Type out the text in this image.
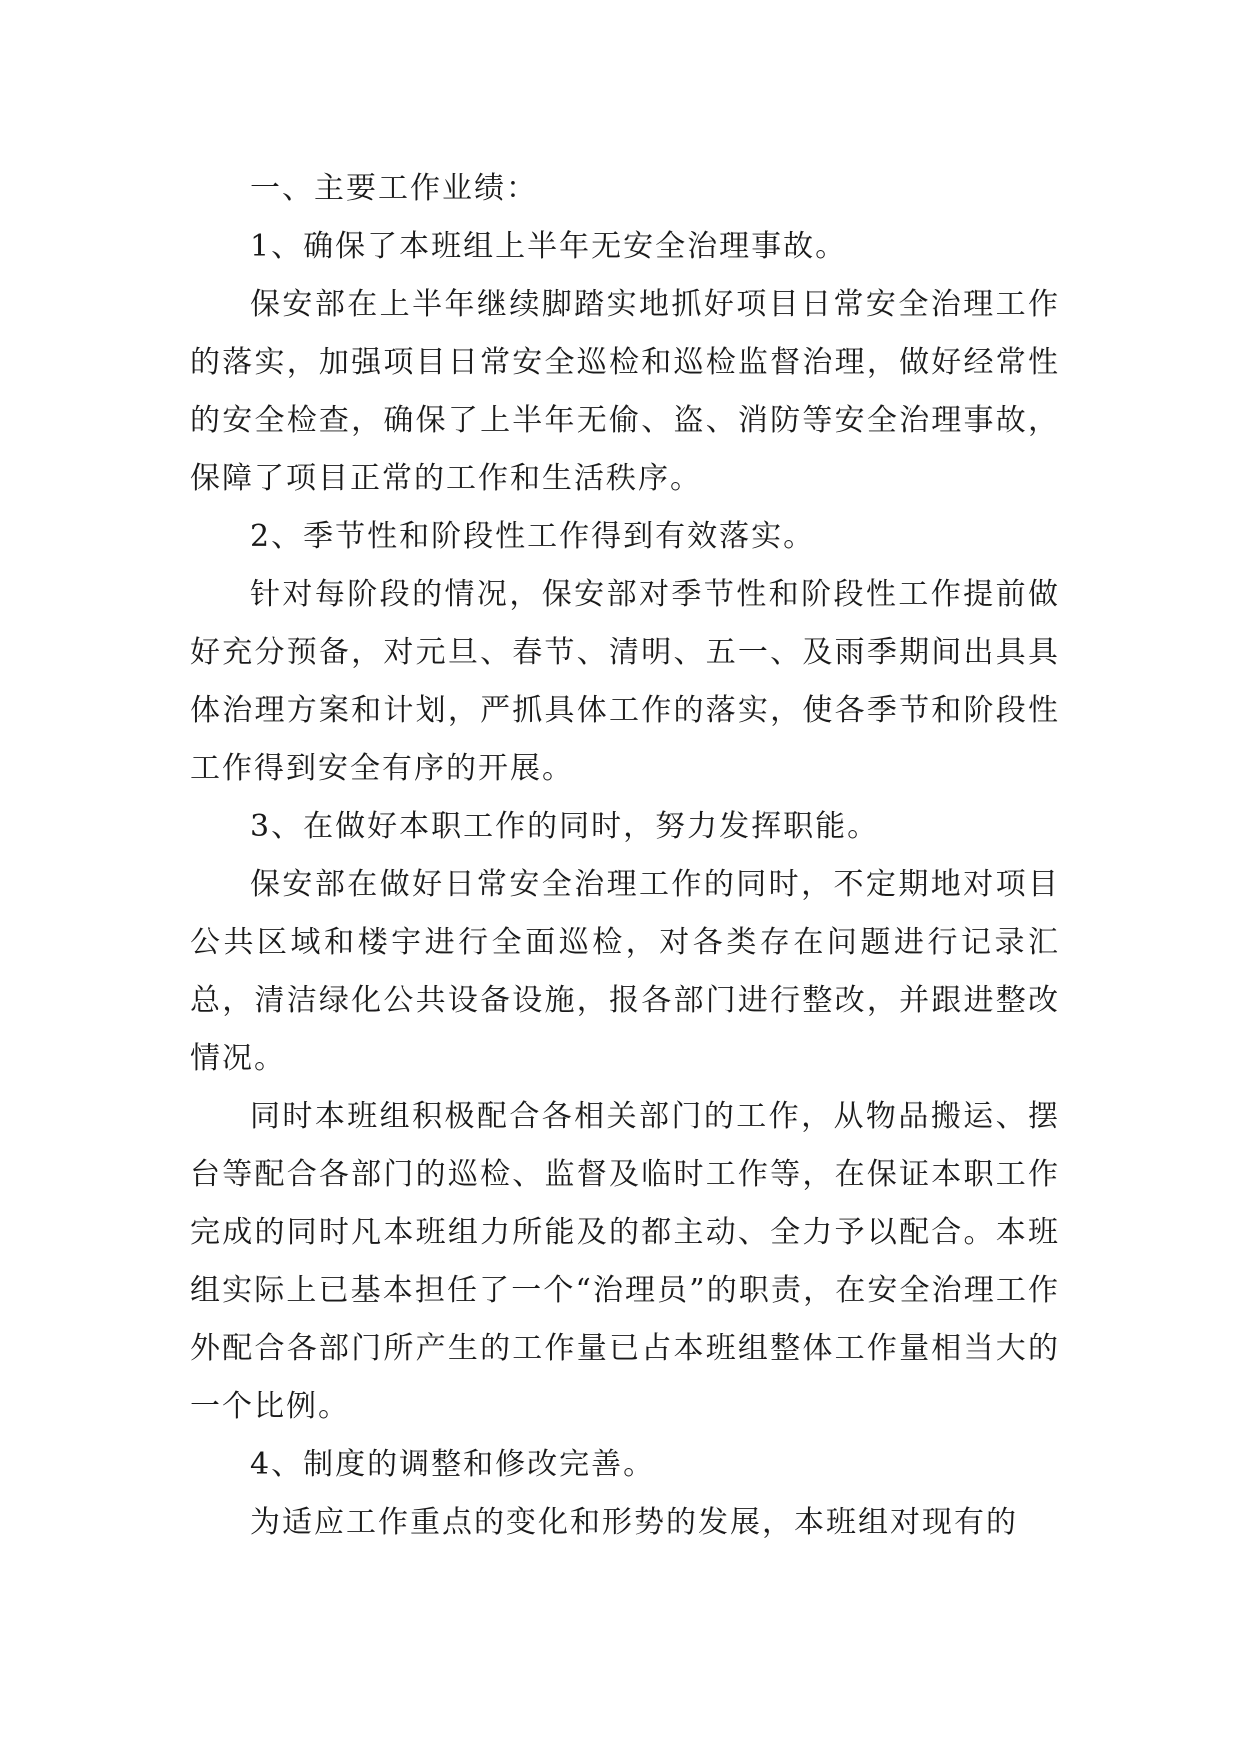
一、主要工作业绩：

1、确保了本班组上半年无安全治理事故。

保安部在上半年继续脚踏实地抓好项目日常安全治理工作的落实，加强项目日常安全巡检和巡检监督治理，做好经常性的安全检查，确保了上半年无偷、盗、消防等安全治理事故，保障了项目正常的工作和生活秩序。

2、季节性和阶段性工作得到有效落实。

针对每阶段的情况，保安部对季节性和阶段性工作提前做好充分预备，对元旦、春节、清明、五一、及雨季期间出具具体治理方案和计划，严抓具体工作的落实，使各季节和阶段性工作得到安全有序的开展。

3、在做好本职工作的同时，努力发挥职能。

保安部在做好日常安全治理工作的同时，不定期地对项目公共区域和楼宇进行全面巡检，对各类存在问题进行记录汇总，清洁绿化公共设备设施，报各部门进行整改，并跟进整改情况。

同时本班组积极配合各相关部门的工作，从物品搬运、摆台等配合各部门的巡检、监督及临时工作等，在保证本职工作完成的同时凡本班组力所能及的都主动、全力予以配合。本班组实际上已基本担任了一个“治理员”的职责，在安全治理工作外配合各部门所产生的工作量已占本班组整体工作量相当大的一个比例。

4、制度的调整和修改完善。

为适应工作重点的变化和形势的发展，本班组对现有的
